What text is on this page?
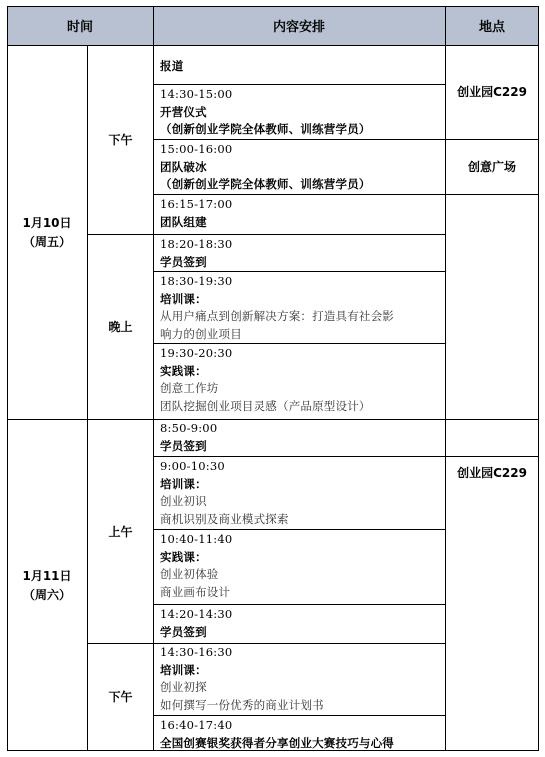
时间	内容安排	地点
1月10日
（周五）
1月11日
（周六）
下午
晚上
上午
下午
创业园C229
创意广场
创业园C229
报道
14:30-15:00
开营仪式
（创新创业学院全体教师、训练营学员）
15:00-16:00
团队破冰
（创新创业学院全体教师、训练营学员）
16:15-17:00
团队组建
18:20-18:30
学员签到
18:30-19:30
培训课：
从用户痛点到创新解决方案：打造具有社会影
响力的创业项目
19:30-20:30
实践课：
创意工作坊
团队挖掘创业项目灵感（产品原型设计）
8:50-9:00
学员签到
9:00-10:30
培训课：
创业初识
商机识别及商业模式探索
10:40-11:40
实践课：
创业初体验
商业画布设计
14:20-14:30
学员签到
14:30-16:30
培训课：
创业初探
如何撰写一份优秀的商业计划书
16:40-17:40
全国创赛银奖获得者分享创业大赛技巧与心得
